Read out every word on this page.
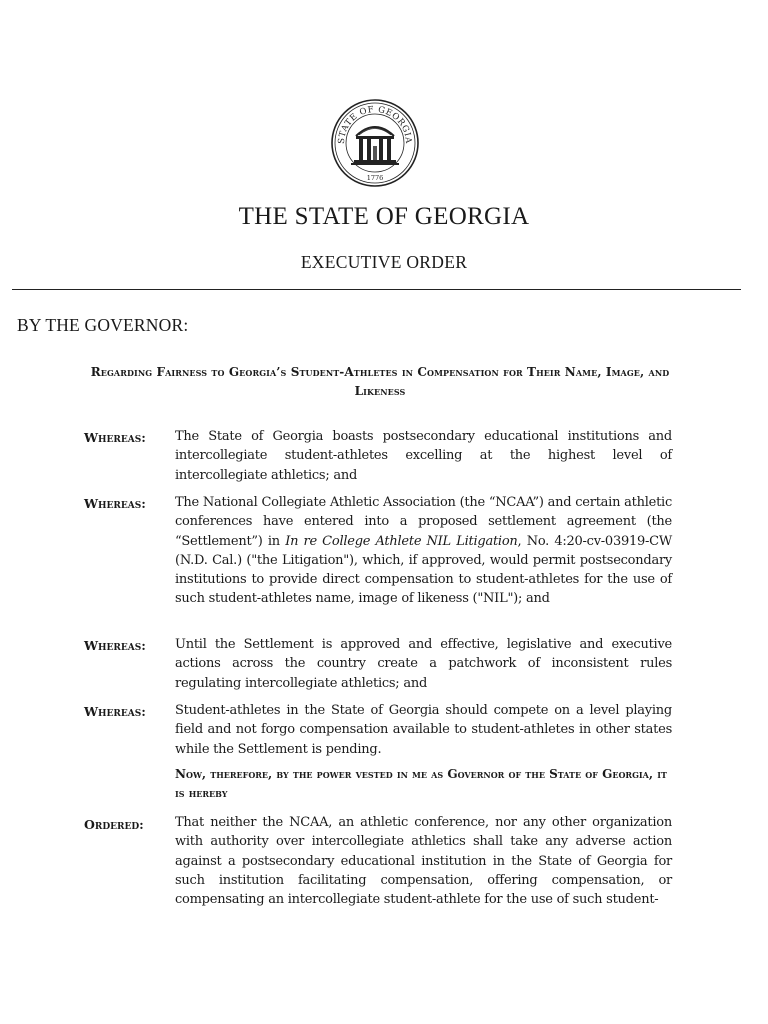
STATE OF GEORGIA
1776
THE STATE OF GEORGIA
EXECUTIVE ORDER
BY THE GOVERNOR:
Regarding Fairness to Georgia’s Student-Athletes in Compensation for Their Name, Image, and Likeness
Whereas: The State of Georgia boasts postsecondary educational institutions and intercollegiate student-athletes excelling at the highest level of intercollegiate athletics; and
Whereas: The National Collegiate Athletic Association (the “NCAA”) and certain athletic conferences have entered into a proposed settlement agreement (the “Settlement”) in In re College Athlete NIL Litigation, No. 4:20-cv-03919-CW (N.D. Cal.) ("the Litigation"), which, if approved, would permit postsecondary institutions to provide direct compensation to student-athletes for the use of such student-athletes name, image of likeness ("NIL"); and
Whereas: Until the Settlement is approved and effective, legislative and executive actions across the country create a patchwork of inconsistent rules regulating intercollegiate athletics; and
Whereas: Student-athletes in the State of Georgia should compete on a level playing field and not forgo compensation available to student-athletes in other states while the Settlement is pending.
Now, therefore, by the power vested in me as Governor of the State of Georgia, it is hereby
Ordered: That neither the NCAA, an athletic conference, nor any other organization with authority over intercollegiate athletics shall take any adverse action against a postsecondary educational institution in the State of Georgia for such institution facilitating compensation, offering compensation, or compensating an intercollegiate student-athlete for the use of such student-
